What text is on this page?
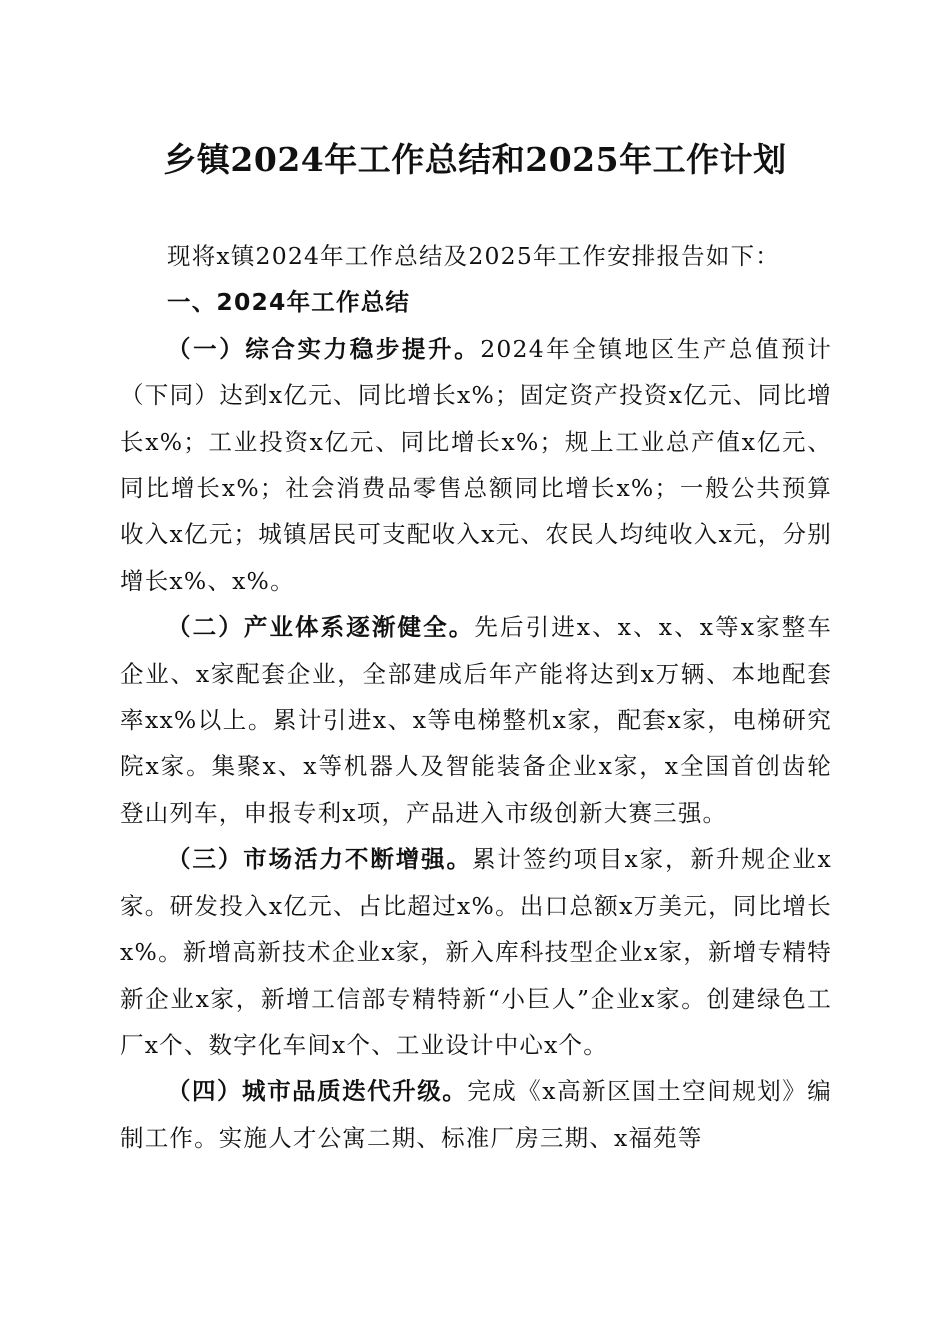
乡镇2024年工作总结和2025年工作计划

现将x镇2024年工作总结及2025年工作安排报告如下：

一、2024年工作总结

（一）综合实力稳步提升。2024年全镇地区生产总值预计（下同）达到x亿元、同比增长x%；固定资产投资x亿元、同比增长x%；工业投资x亿元、同比增长x%；规上工业总产值x亿元、同比增长x%；社会消费品零售总额同比增长x%；一般公共预算收入x亿元；城镇居民可支配收入x元、农民人均纯收入x元，分别增长x%、x%。

（二）产业体系逐渐健全。先后引进x、x、x、x等x家整车企业、x家配套企业，全部建成后年产能将达到x万辆、本地配套率xx%以上。累计引进x、x等电梯整机x家，配套x家，电梯研究院x家。集聚x、x等机器人及智能装备企业x家，x全国首创齿轮登山列车，申报专利x项，产品进入市级创新大赛三强。

（三）市场活力不断增强。累计签约项目x家，新升规企业x家。研发投入x亿元、占比超过x%。出口总额x万美元，同比增长x%。新增高新技术企业x家，新入库科技型企业x家，新增专精特新企业x家，新增工信部专精特新“小巨人”企业x家。创建绿色工厂x个、数字化车间x个、工业设计中心x个。

（四）城市品质迭代升级。完成《x高新区国土空间规划》编制工作。实施人才公寓二期、标准厂房三期、x福苑等
